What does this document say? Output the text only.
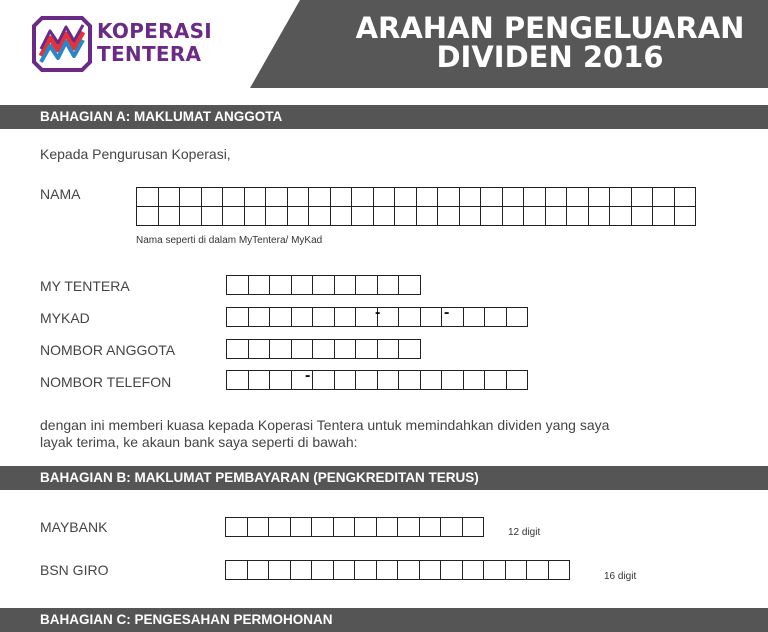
KOPERASI
TENTERA
ARAHAN PENGELUARAN
DIVIDEN 2016
BAHAGIAN A: MAKLUMAT ANGGOTA
Kepada Pengurusan Koperasi,
NAMA
Nama seperti di dalam MyTentera/ MyKad
MY TENTERA
MYKAD	-	-
NOMBOR ANGGOTA
NOMBOR TELEFON	-
dengan ini memberi kuasa kepada Koperasi Tentera untuk memindahkan dividen yang saya
layak terima, ke akaun bank saya seperti di bawah:
BAHAGIAN B: MAKLUMAT PEMBAYARAN (PENGKREDITAN TERUS)
MAYBANK	12 digit
BSN GIRO	16 digit
BAHAGIAN C: PENGESAHAN PERMOHONAN
